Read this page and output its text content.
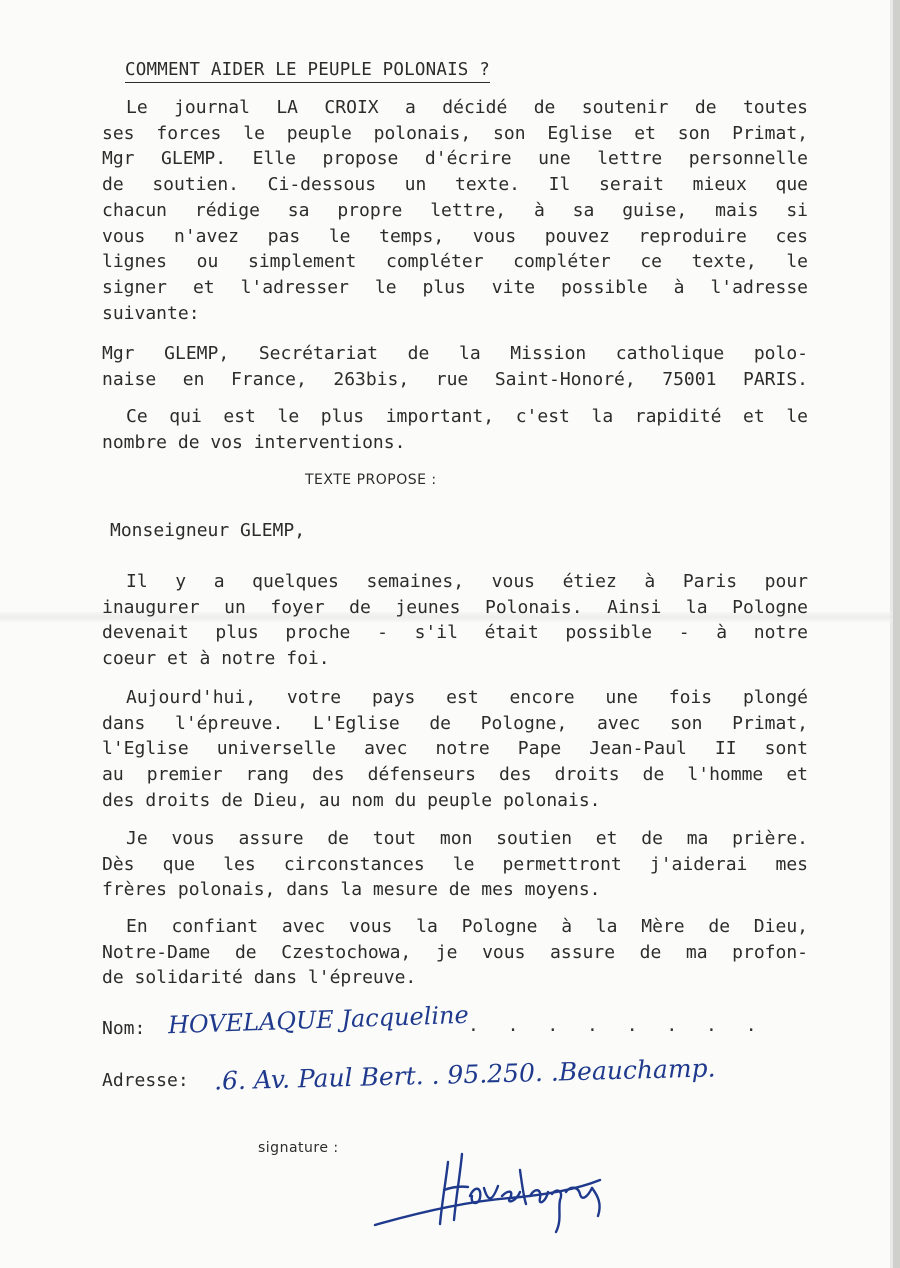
COMMENT AIDER LE PEUPLE POLONAIS ?
Le journal LA CROIX a décidé de soutenir de toutes
ses forces le peuple polonais, son Eglise et son Primat,
Mgr GLEMP. Elle propose d'écrire une lettre personnelle
de soutien. Ci-dessous un texte. Il serait mieux que
chacun rédige sa propre lettre, à sa guise, mais si
vous n'avez pas le temps, vous pouvez reproduire ces
lignes ou simplement compléter compléter ce texte, le
signer et l'adresser le plus vite possible à l'adresse
suivante:
Mgr GLEMP, Secrétariat de la Mission catholique polo-
naise en France, 263bis, rue Saint-Honoré, 75001 PARIS.
Ce qui est le plus important, c'est la rapidité et le
nombre de vos interventions.
TEXTE PROPOSE :
Monseigneur GLEMP,
Il y a quelques semaines, vous étiez à Paris pour
inaugurer un foyer de jeunes Polonais. Ainsi la Pologne
devenait plus proche - s'il était possible - à notre
coeur et à notre foi.
Aujourd'hui, votre pays est encore une fois plongé
dans l'épreuve. L'Eglise de Pologne, avec son Primat,
l'Eglise universelle avec notre Pape Jean-Paul II sont
au premier rang des défenseurs des droits de l'homme et
des droits de Dieu, au nom du peuple polonais.
Je vous assure de tout mon soutien et de ma prière.
Dès que les circonstances le permettront j'aiderai mes
frères polonais, dans la mesure de mes moyens.
En confiant avec vous la Pologne à la Mère de Dieu,
Notre-Dame de Czestochowa, je vous assure de ma profon-
de solidarité dans l'épreuve.
Nom: HOVELAQUE Jacqueline
. . . . . . . .
Adresse: .6. Av. Paul Bert. . 95.250. .Beauchamp.
signature :
